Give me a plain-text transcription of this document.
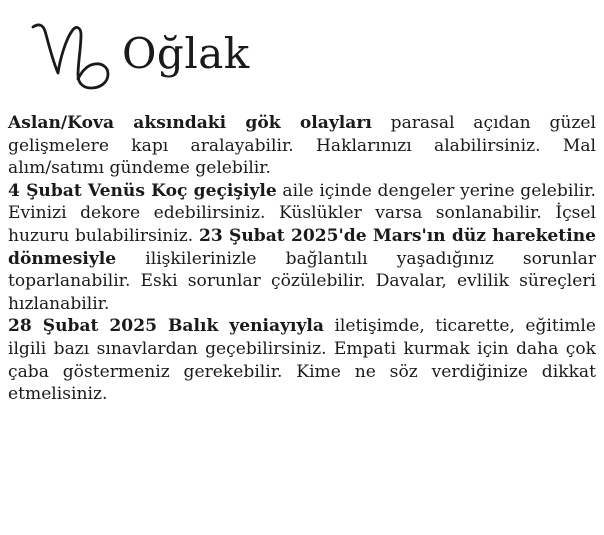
Oğlak

Aslan/Kova aksındaki gök olayları parasal açıdan güzel gelişmelere kapı aralayabilir. Haklarınızı alabilirsiniz. Mal alım/satımı gündeme gelebilir.

4 Şubat Venüs Koç geçişiyle aile içinde dengeler yerine gelebilir. Evinizi dekore edebilirsiniz. Küslükler varsa sonlanabilir. İçsel huzuru bulabilirsiniz. 23 Şubat 2025'de Mars'ın düz hareketine dönmesiyle ilişkilerinizle bağlantılı yaşadığınız sorunlar toparlanabilir. Eski sorunlar çözülebilir. Davalar, evlilik süreçleri hızlanabilir.

28 Şubat 2025 Balık yeniayıyla iletişimde, ticarette, eğitimle ilgili bazı sınavlardan geçebilirsiniz. Empati kurmak için daha çok çaba göstermeniz gerekebilir. Kime ne söz verdiğinize dikkat etmelisiniz.
